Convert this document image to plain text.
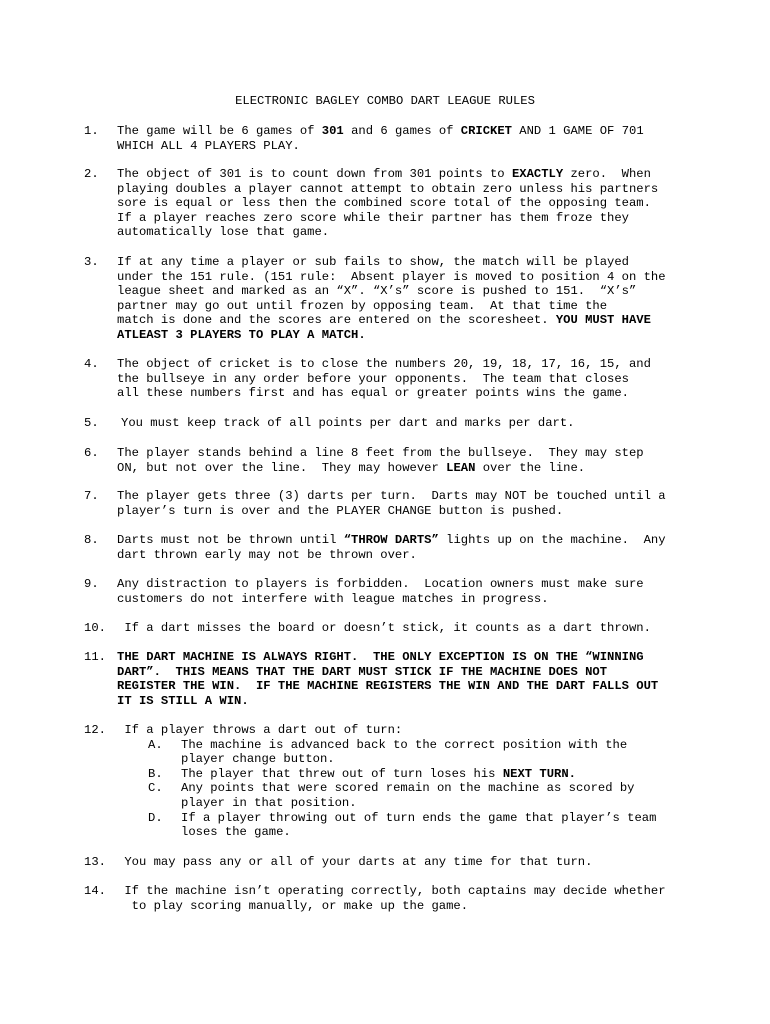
ELECTRONIC BAGLEY COMBO DART LEAGUE RULES
1. The game will be 6 games of 301 and 6 games of CRICKET AND 1 GAME OF 701
WHICH ALL 4 PLAYERS PLAY.
2. The object of 301 is to count down from 301 points to EXACTLY zero.  When
playing doubles a player cannot attempt to obtain zero unless his partners
sore is equal or less then the combined score total of the opposing team.
If a player reaches zero score while their partner has them froze they
automatically lose that game.
3. If at any time a player or sub fails to show, the match will be played
under the 151 rule. (151 rule:  Absent player is moved to position 4 on the
league sheet and marked as an “X”. “X’s” score is pushed to 151.  “X’s”
partner may go out until frozen by opposing team.  At that time the
match is done and the scores are entered on the scoresheet. YOU MUST HAVE
ATLEAST 3 PLAYERS TO PLAY A MATCH.
4. The object of cricket is to close the numbers 20, 19, 18, 17, 16, 15, and
the bullseye in any order before your opponents.  The team that closes
all these numbers first and has equal or greater points wins the game.
5. You must keep track of all points per dart and marks per dart.
6. The player stands behind a line 8 feet from the bullseye.  They may step
ON, but not over the line.  They may however LEAN over the line.
7. The player gets three (3) darts per turn.  Darts may NOT be touched until a
player’s turn is over and the PLAYER CHANGE button is pushed.
8. Darts must not be thrown until “THROW DARTS” lights up on the machine.  Any
dart thrown early may not be thrown over.
9. Any distraction to players is forbidden.  Location owners must make sure
customers do not interfere with league matches in progress.
10. If a dart misses the board or doesn’t stick, it counts as a dart thrown.
11. THE DART MACHINE IS ALWAYS RIGHT.  THE ONLY EXCEPTION IS ON THE “WINNING
DART”.  THIS MEANS THAT THE DART MUST STICK IF THE MACHINE DOES NOT
REGISTER THE WIN.  IF THE MACHINE REGISTERS THE WIN AND THE DART FALLS OUT
IT IS STILL A WIN.
12. If a player throws a dart out of turn:
A. The machine is advanced back to the correct position with the
player change button.
B. The player that threw out of turn loses his NEXT TURN.
C. Any points that were scored remain on the machine as scored by
player in that position.
D. If a player throwing out of turn ends the game that player’s team
loses the game.
13. You may pass any or all of your darts at any time for that turn.
14. If the machine isn’t operating correctly, both captains may decide whether
to play scoring manually, or make up the game.
